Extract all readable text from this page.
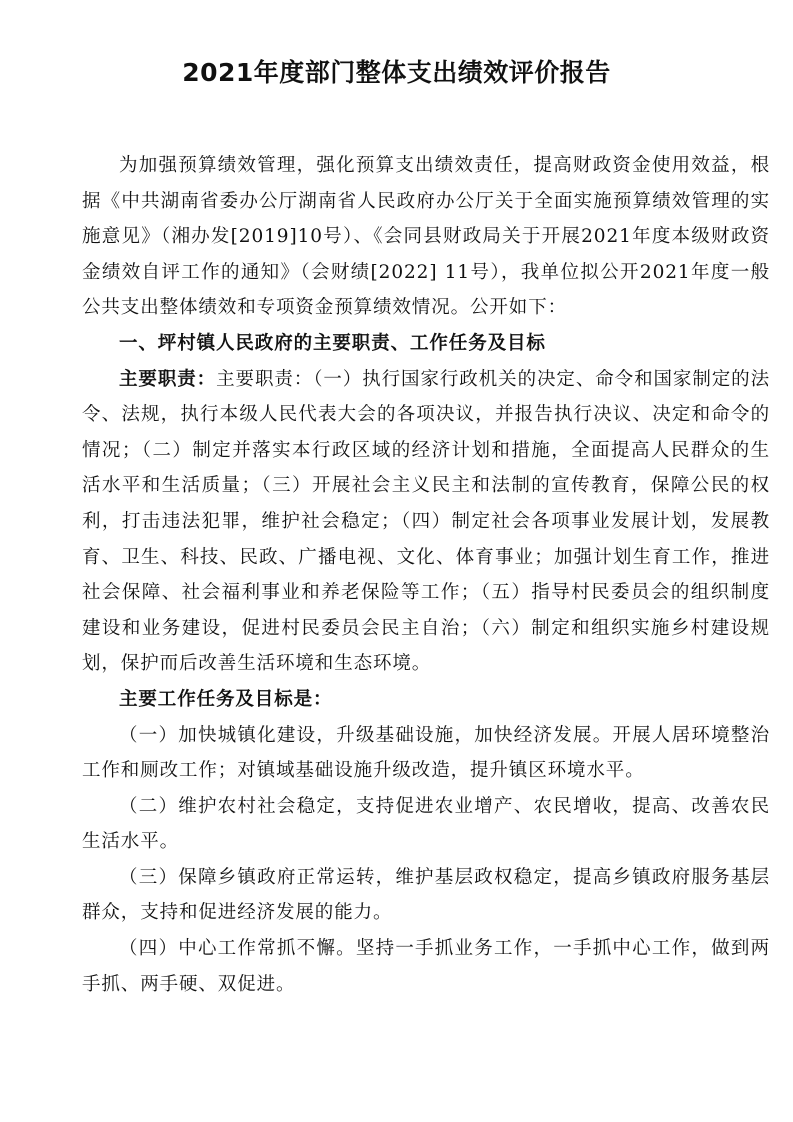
2021年度部门整体支出绩效评价报告

为加强预算绩效管理，强化预算支出绩效责任，提高财政资金使用效益，根据《中共湖南省委办公厅湖南省人民政府办公厅关于全面实施预算绩效管理的实施意见》（湘办发[2019]10号）、《会同县财政局关于开展2021年度本级财政资金绩效自评工作的通知》（会财绩[2022] 11号），我单位拟公开2021年度一般公共支出整体绩效和专项资金预算绩效情况。公开如下：

一、坪村镇人民政府的主要职责、工作任务及目标

主要职责：主要职责：（一）执行国家行政机关的决定、命令和国家制定的法令、法规，执行本级人民代表大会的各项决议，并报告执行决议、决定和命令的情况；（二）制定并落实本行政区域的经济计划和措施，全面提高人民群众的生活水平和生活质量；（三）开展社会主义民主和法制的宣传教育，保障公民的权利，打击违法犯罪，维护社会稳定；（四）制定社会各项事业发展计划，发展教育、卫生、科技、民政、广播电视、文化、体育事业；加强计划生育工作，推进社会保障、社会福利事业和养老保险等工作；（五）指导村民委员会的组织制度建设和业务建设，促进村民委员会民主自治；（六）制定和组织实施乡村建设规划，保护而后改善生活环境和生态环境。

主要工作任务及目标是：

（一）加快城镇化建设，升级基础设施，加快经济发展。开展人居环境整治工作和厕改工作；对镇域基础设施升级改造，提升镇区环境水平。

（二）维护农村社会稳定，支持促进农业增产、农民增收，提高、改善农民生活水平。

（三）保障乡镇政府正常运转，维护基层政权稳定，提高乡镇政府服务基层群众，支持和促进经济发展的能力。

（四）中心工作常抓不懈。坚持一手抓业务工作，一手抓中心工作，做到两手抓、两手硬、双促进。
